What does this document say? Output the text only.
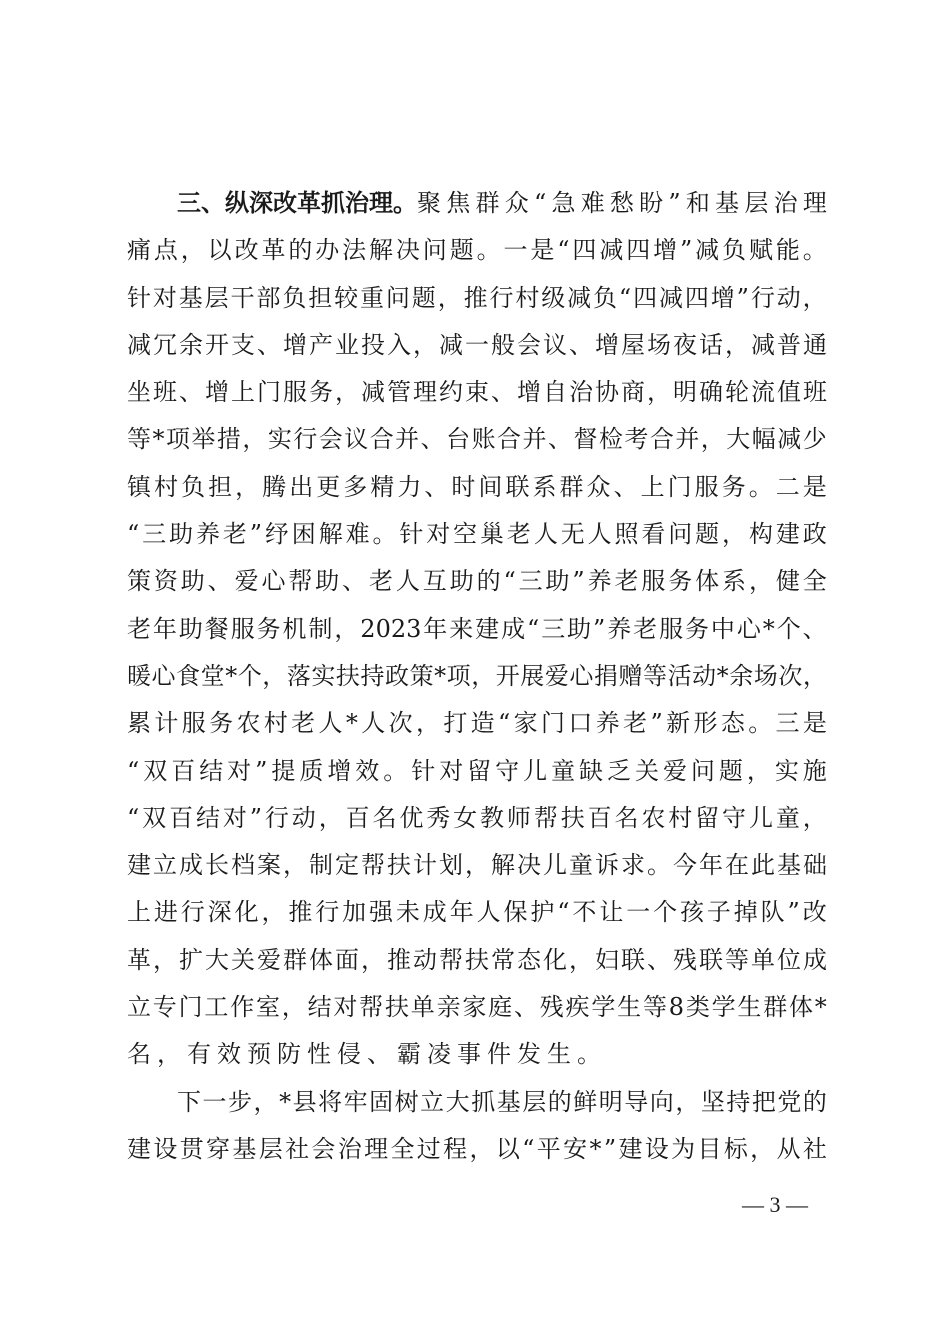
三、纵深改革抓治理。 聚 焦 群 众 “ 急 难 愁 盼 ” 和 基 层 治 理
痛 点 ， 以 改 革 的 办 法 解 决 问 题 。 一 是 “ 四 减 四 增 ” 减 负 赋 能 。
针 对 基 层 干 部 负 担 较 重 问 题 ， 推 行 村 级 减 负 “ 四 减 四 增 ” 行 动 ，
减 冗 余 开 支 、 增 产 业 投 入 ， 减 一 般 会 议 、 增 屋 场 夜 话 ， 减 普 通
坐 班 、 增 上 门 服 务 ， 减 管 理 约 束 、 增 自 治 协 商 ， 明 确 轮 流 值 班
等 * 项 举 措 ， 实 行 会 议 合 并 、 台 账 合 并 、 督 检 考 合 并 ， 大 幅 减 少
镇 村 负 担 ， 腾 出 更 多 精 力 、 时 间 联 系 群 众 、 上 门 服 务 。 二 是
“ 三 助 养 老 ” 纾 困 解 难 。 针 对 空 巢 老 人 无 人 照 看 问 题 ， 构 建 政
策 资 助 、 爱 心 帮 助 、 老 人 互 助 的 “ 三 助 ” 养 老 服 务 体 系 ， 健 全
老 年 助 餐 服 务 机 制 ， 2023 年 来 建 成 “ 三 助 ” 养 老 服 务 中 心 * 个 、
暖 心 食 堂 * 个 ， 落 实 扶 持 政 策 * 项 ， 开 展 爱 心 捐 赠 等 活 动 * 余 场 次 ，
累 计 服 务 农 村 老 人 * 人 次 ， 打 造 “ 家 门 口 养 老 ” 新 形 态 。 三 是
“ 双 百 结 对 ” 提 质 增 效 。 针 对 留 守 儿 童 缺 乏 关 爱 问 题 ， 实 施
“ 双 百 结 对 ” 行 动 ， 百 名 优 秀 女 教 师 帮 扶 百 名 农 村 留 守 儿 童 ，
建 立 成 长 档 案 ， 制 定 帮 扶 计 划 ， 解 决 儿 童 诉 求 。 今 年 在 此 基 础
上 进 行 深 化 ， 推 行 加 强 未 成 年 人 保 护 “ 不 让 一 个 孩 子 掉 队 ” 改
革 ， 扩 大 关 爱 群 体 面 ， 推 动 帮 扶 常 态 化 ， 妇 联 、 残 联 等 单 位 成
立 专 门 工 作 室 ， 结 对 帮 扶 单 亲 家 庭 、 残 疾 学 生 等 8 类 学 生 群 体 *
名，有效预防性侵、霸凌事件发生。
下 一 步 ， * 县 将 牢 固 树 立 大 抓 基 层 的 鲜 明 导 向 ， 坚 持 把 党 的
建 设 贯 穿 基 层 社 会 治 理 全 过 程 ， 以 “ 平 安 * ” 建 设 为 目 标 ， 从 社
— 3 —
